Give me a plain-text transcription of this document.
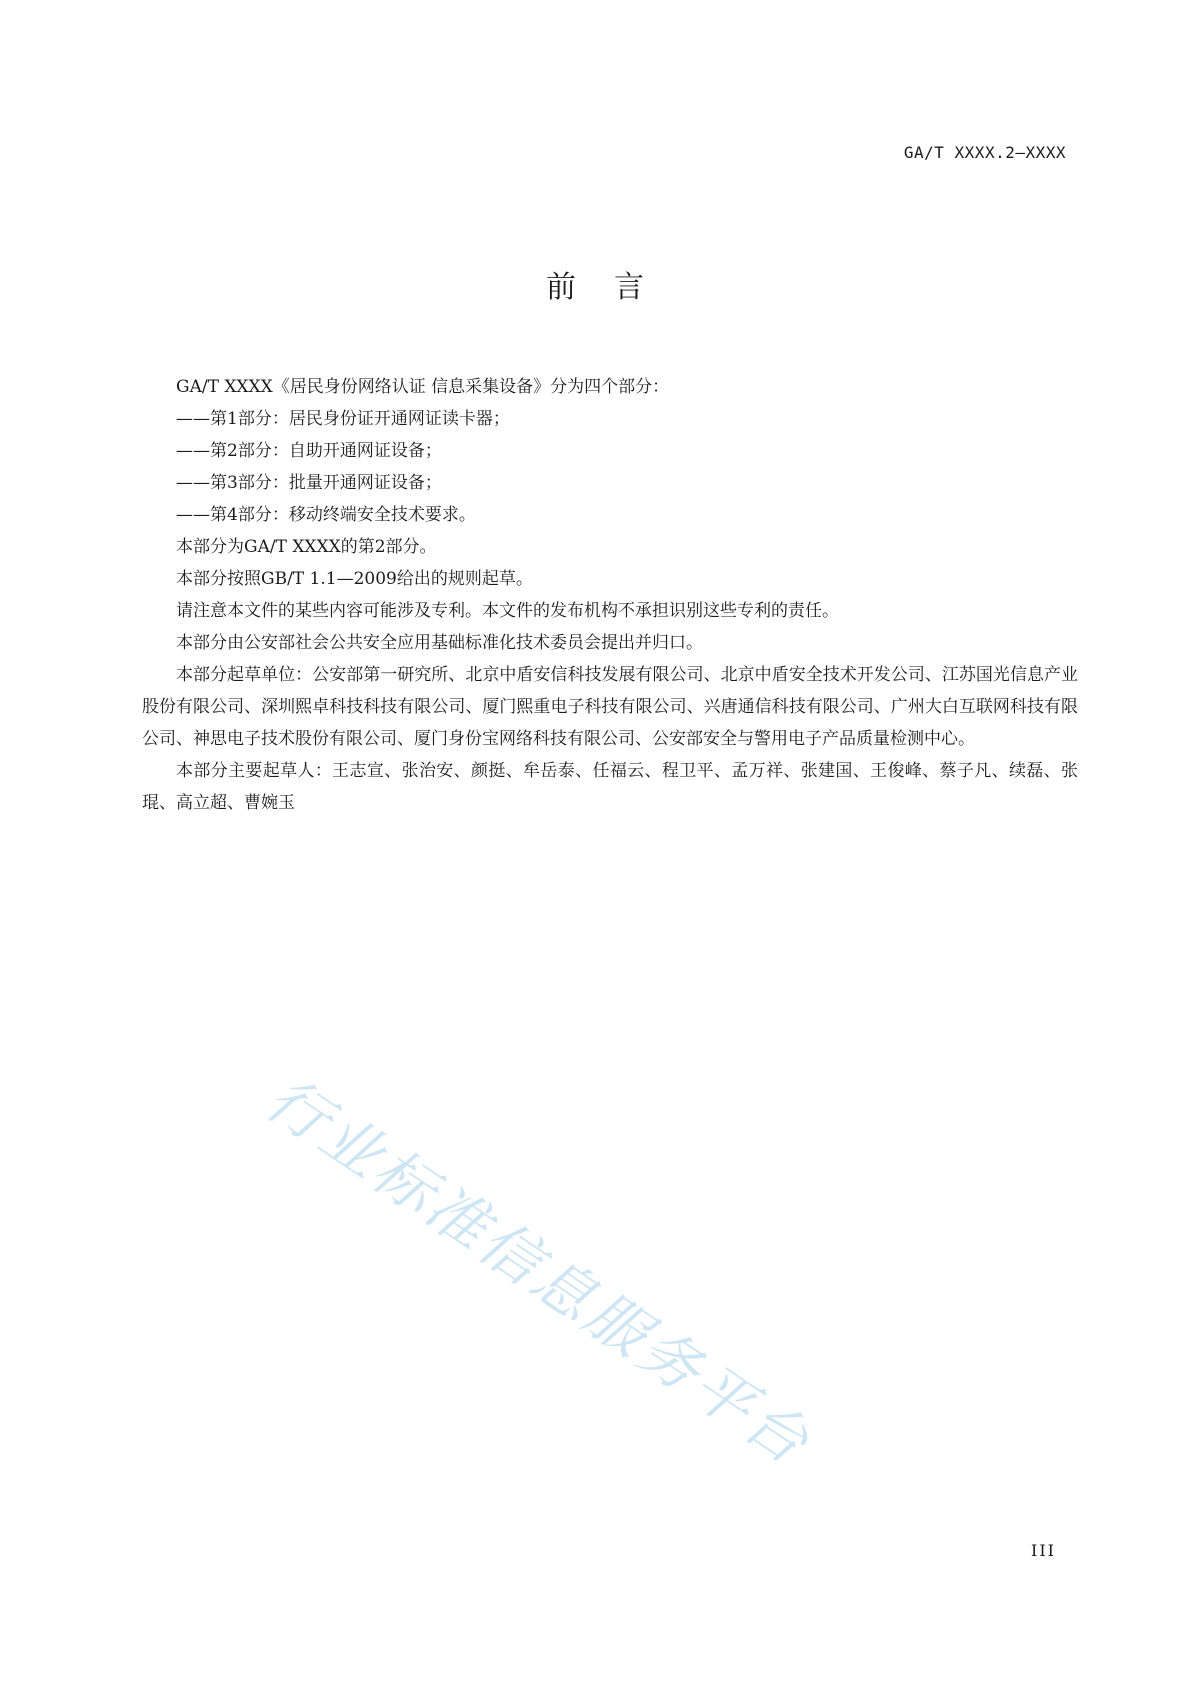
GA/T XXXX.2—XXXX
前言

GA/T XXXX《居民身份网络认证 信息采集设备》分为四个部分：

——第1部分：居民身份证开通网证读卡器；

——第2部分：自助开通网证设备；

——第3部分：批量开通网证设备；

——第4部分：移动终端安全技术要求。

本部分为GA/T XXXX的第2部分。

本部分按照GB/T 1.1—2009给出的规则起草。

请注意本文件的某些内容可能涉及专利。本文件的发布机构不承担识别这些专利的责任。

本部分由公安部社会公共安全应用基础标准化技术委员会提出并归口。

本部分起草单位：公安部第一研究所、北京中盾安信科技发展有限公司、北京中盾安全技术开发公司、江苏国光信息产业股份有限公司、深圳熙卓科技科技有限公司、厦门熙重电子科技有限公司、兴唐通信科技有限公司、广州大白互联网科技有限公司、神思电子技术股份有限公司、厦门身份宝网络科技有限公司、公安部安全与警用电子产品质量检测中心。

本部分主要起草人：王志宣、张治安、颜挺、牟岳泰、任福云、程卫平、孟万祥、张建国、王俊峰、蔡子凡、续磊、张琨、高立超、曹婉玉

行业标准信息服务平台
III
